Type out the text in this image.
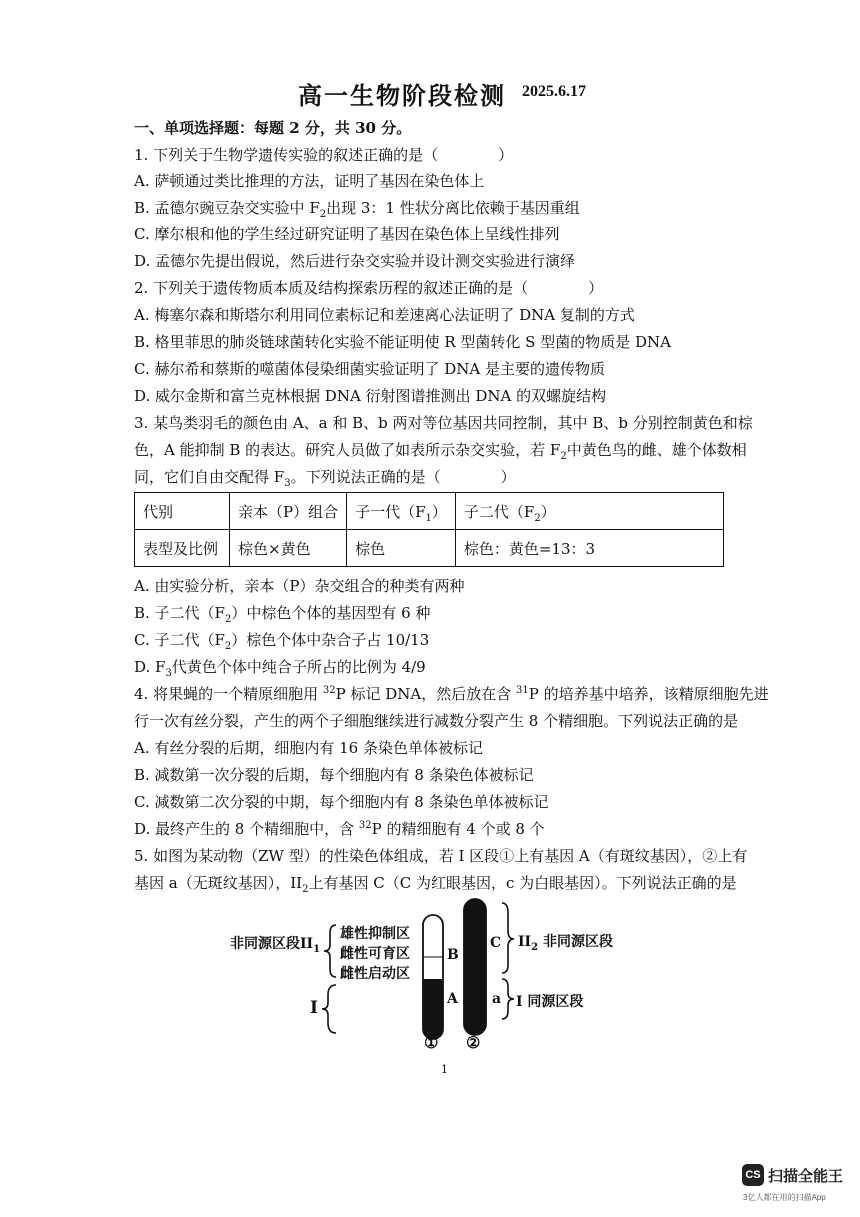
高一生物阶段检测 2025.6.17
一、单项选择题：每题 2 分，共 30 分。
1. 下列关于生物学遗传实验的叙述正确的是（　　　　）
A. 萨顿通过类比推理的方法，证明了基因在染色体上
B. 孟德尔豌豆杂交实验中 $F_2$出现 3：1 性状分离比依赖于基因重组
C. 摩尔根和他的学生经过研究证明了基因在染色体上呈线性排列
D. 孟德尔先提出假说，然后进行杂交实验并设计测交实验进行演绎
2. 下列关于遗传物质本质及结构探索历程的叙述正确的是（　　　　）
A. 梅塞尔森和斯塔尔利用同位素标记和差速离心法证明了 DNA 复制的方式
B. 格里菲思的肺炎链球菌转化实验不能证明使 R 型菌转化 S 型菌的物质是 DNA
C. 赫尔希和蔡斯的噬菌体侵染细菌实验证明了 DNA 是主要的遗传物质
D. 威尔金斯和富兰克林根据 DNA 衍射图谱推测出 DNA 的双螺旋结构
3. 某鸟类羽毛的颜色由 A、a 和 B、b 两对等位基因共同控制，其中 B、b 分别控制黄色和棕
色，A 能抑制 B 的表达。研究人员做了如表所示杂交实验，若 $F_2$中黄色鸟的雌、雄个体数相
同，它们自由交配得 $F_3$。下列说法正确的是（　　　　）
代别	亲本（P）组合	子一代$(F_1)$	子二代$(F_2)$
表型及比例	棕色×黄色	棕色	棕色：黄色=13：3
A. 由实验分析，亲本（P）杂交组合的种类有两种
B. 子二代$(F_2)$中棕色个体的基因型有 6 种
C. 子二代$(F_2)$棕色个体中杂合子占 10/13
D. $F_3$代黄色个体中纯合子所占的比例为 4/9
4. 将果蝇的一个精原细胞用 $^{32}$P 标记 DNA，然后放在含 $^{31}$P 的培养基中培养，该精原细胞先进
行一次有丝分裂，产生的两个子细胞继续进行减数分裂产生 8 个精细胞。下列说法正确的是
A. 有丝分裂的后期，细胞内有 16 条染色单体被标记
B. 减数第一次分裂的后期，每个细胞内有 8 条染色体被标记
C. 减数第二次分裂的中期，每个细胞内有 8 条染色单体被标记
D. 最终产生的 8 个精细胞中，含 $^{32}$P 的精细胞有 4 个或 8 个
5. 如图为某动物（ZW 型）的性染色体组成，若 I 区段①上有基因 A（有斑纹基因），②上有
基因 a（无斑纹基因），$II_2$上有基因 C（C 为红眼基因，c 为白眼基因）。下列说法正确的是
非同源区段$II_1$
雄性抑制区
雌性可育区
雌性启动区
I
B
A
C
a
$II_2$ 非同源区段
I 同源区段
① ②
1
CS 扫描全能王
3亿人都在用的扫描App
